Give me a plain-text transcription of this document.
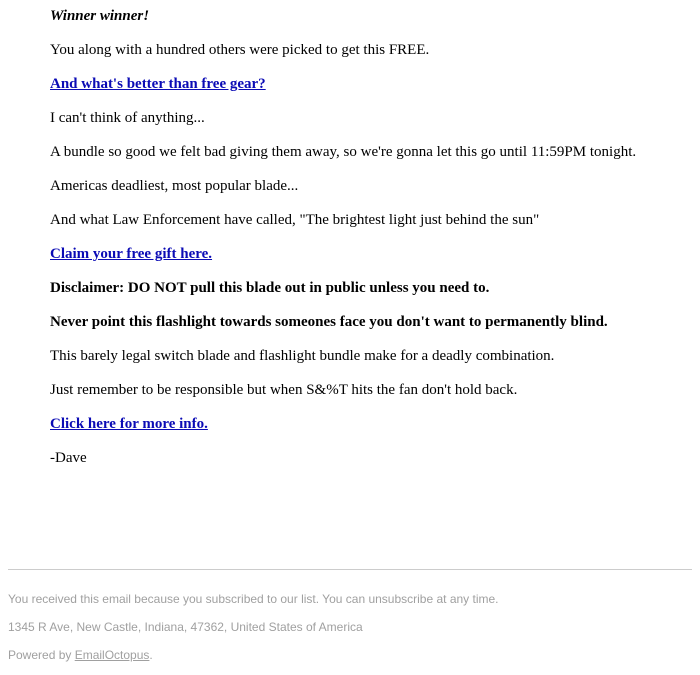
Winner winner!

You along with a hundred others were picked to get this FREE.

And what's better than free gear?

I can't think of anything...

A bundle so good we felt bad giving them away, so we're gonna let this go until 11:59PM tonight.

Americas deadliest, most popular blade...

And what Law Enforcement have called, "The brightest light just behind the sun"

Claim your free gift here.

Disclaimer: DO NOT pull this blade out in public unless you need to.

Never point this flashlight towards someones face you don't want to permanently blind.

This barely legal switch blade and flashlight bundle make for a deadly combination.

Just remember to be responsible but when S&%T hits the fan don't hold back.

Click here for more info.

-Dave

You received this email because you subscribed to our list. You can unsubscribe at any time.

1345 R Ave, New Castle, Indiana, 47362, United States of America

Powered by EmailOctopus.
